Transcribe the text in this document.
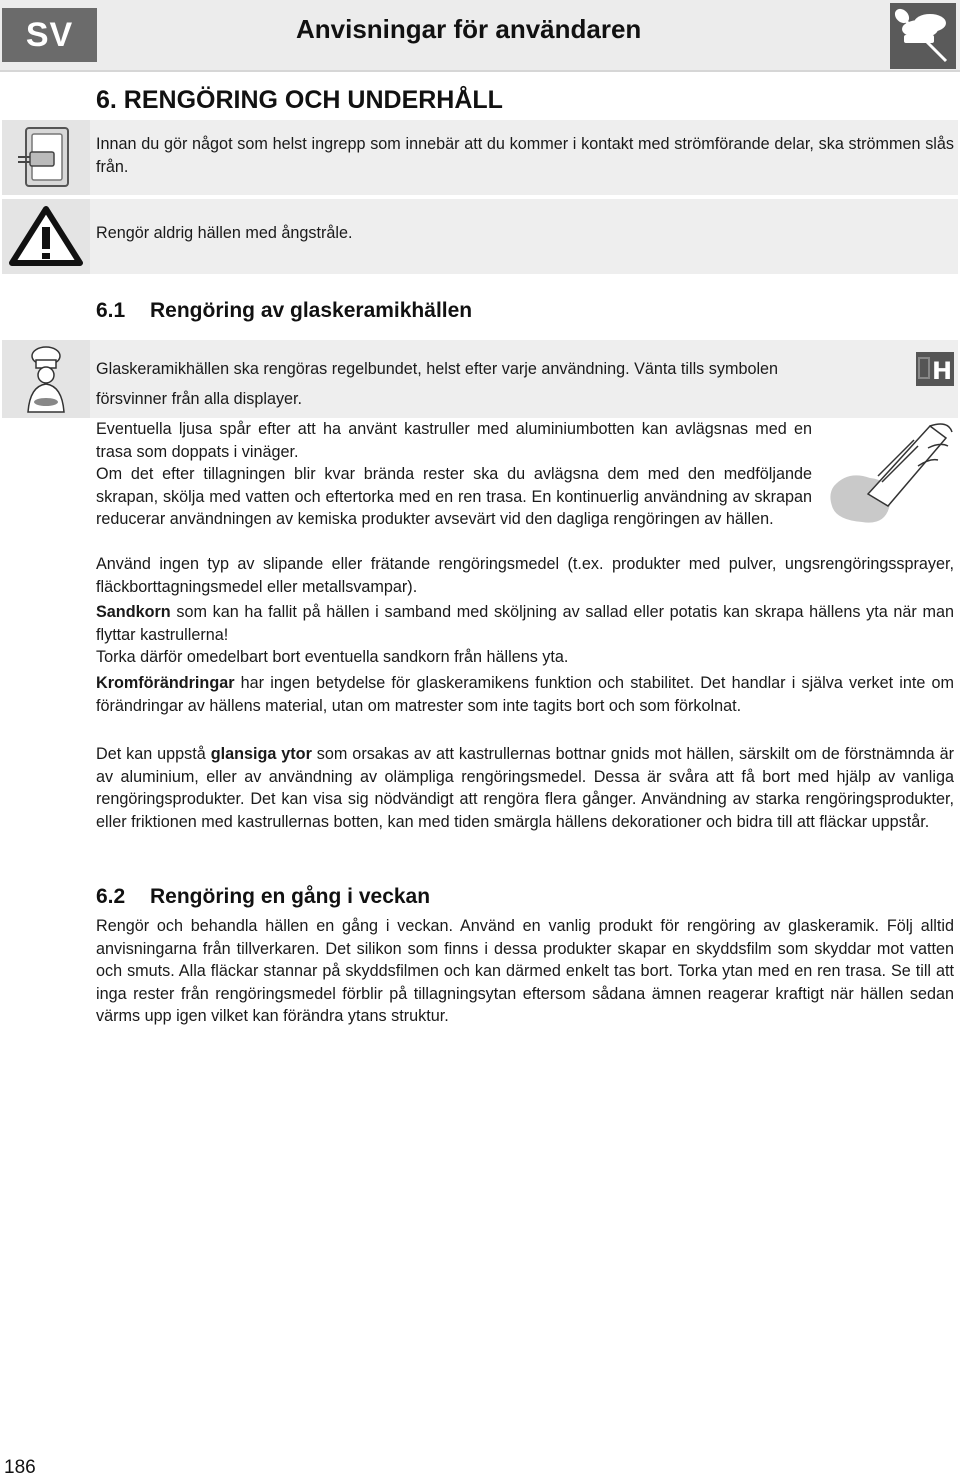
SV	Anvisningar för användaren
6. RENGÖRING OCH UNDERHÅLL
Innan du gör något som helst ingrepp som innebär att du kommer i kontakt med strömförande delar, ska strömmen slås från.
Rengör aldrig hällen med ångstråle.
6.1 Rengöring av glaskeramikhällen
Glaskeramikhällen ska rengöras regelbundet, helst efter varje användning. Vänta tills symbolen	H
försvinner från alla displayer.
Eventuella ljusa spår efter att ha använt kastruller med aluminiumbotten kan avlägsnas med en trasa som doppats i vinäger.
Om det efter tillagningen blir kvar brända rester ska du avlägsna dem med den medföljande skrapan, skölja med vatten och eftertorka med en ren trasa. En kontinuerlig användning av skrapan reducerar användningen av kemiska produkter avsevärt vid den dagliga rengöringen av hällen.
Använd ingen typ av slipande eller frätande rengöringsmedel (t.ex. produkter med pulver, ungsrengöringssprayer, fläckborttagningsmedel eller metallsvampar).
Sandkorn som kan ha fallit på hällen i samband med sköljning av sallad eller potatis kan skrapa hällens yta när man flyttar kastrullerna!
Torka därför omedelbart bort eventuella sandkorn från hällens yta.
Kromförändringar har ingen betydelse för glaskeramikens funktion och stabilitet. Det handlar i själva verket inte om förändringar av hällens material, utan om matrester som inte tagits bort och som förkolnat.
Det kan uppstå glansiga ytor som orsakas av att kastrullernas bottnar gnids mot hällen, särskilt om de förstnämnda är av aluminium, eller av användning av olämpliga rengöringsmedel. Dessa är svåra att få bort med hjälp av vanliga rengöringsprodukter. Det kan visa sig nödvändigt att rengöra flera gånger. Användning av starka rengöringsprodukter, eller friktionen med kastrullernas botten, kan med tiden smärgla hällens dekorationer och bidra till att fläckar uppstår.
6.2 Rengöring en gång i veckan
Rengör och behandla hällen en gång i veckan. Använd en vanlig produkt för rengöring av glaskeramik. Följ alltid anvisningarna från tillverkaren. Det silikon som finns i dessa produkter skapar en skyddsfilm som skyddar mot vatten och smuts. Alla fläckar stannar på skyddsfilmen och kan därmed enkelt tas bort. Torka ytan med en ren trasa. Se till att inga rester från rengöringsmedel förblir på tillagningsytan eftersom sådana ämnen reagerar kraftigt när hällen sedan värms upp igen vilket kan förändra ytans struktur.
186
